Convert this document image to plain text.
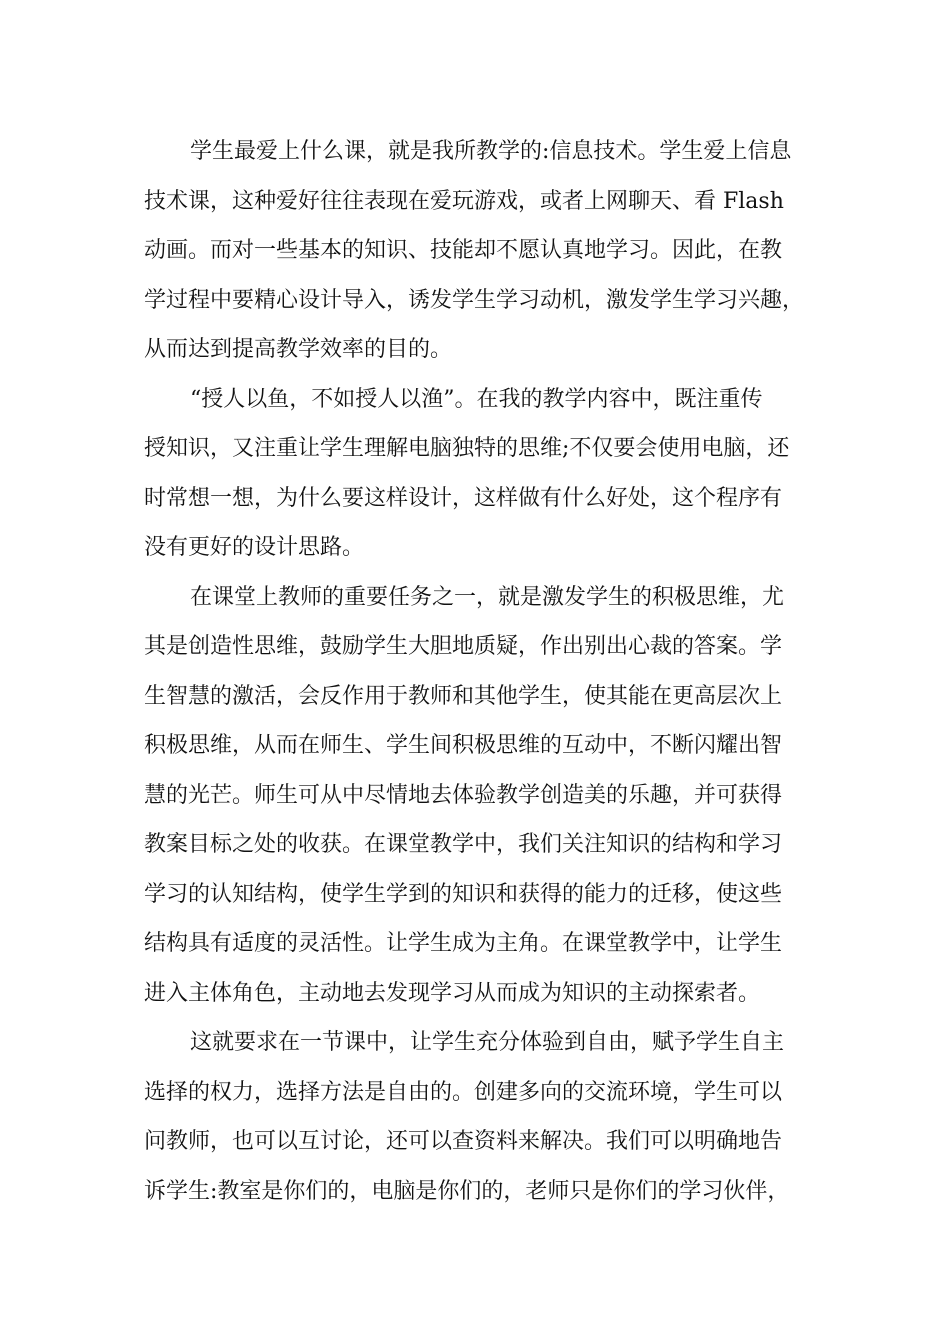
学生最爱上什么课，就是我所教学的:信息技术。学生爱上信息
技术课，这种爱好往往表现在爱玩游戏，或者上网聊天、看 Flash
动画。而对一些基本的知识、技能却不愿认真地学习。因此，在教
学过程中要精心设计导入，诱发学生学习动机，激发学生学习兴趣，
从而达到提高教学效率的目的。

“授人以鱼，不如授人以渔”。在我的教学内容中，既注重传
授知识，又注重让学生理解电脑独特的思维;不仅要会使用电脑，还
时常想一想，为什么要这样设计，这样做有什么好处，这个程序有
没有更好的设计思路。

在课堂上教师的重要任务之一，就是激发学生的积极思维，尤
其是创造性思维，鼓励学生大胆地质疑，作出别出心裁的答案。学
生智慧的激活，会反作用于教师和其他学生，使其能在更高层次上
积极思维，从而在师生、学生间积极思维的互动中，不断闪耀出智
慧的光芒。师生可从中尽情地去体验教学创造美的乐趣，并可获得
教案目标之处的收获。在课堂教学中，我们关注知识的结构和学习
学习的认知结构，使学生学到的知识和获得的能力的迁移，使这些
结构具有适度的灵活性。让学生成为主角。在课堂教学中，让学生
进入主体角色，主动地去发现学习从而成为知识的主动探索者。

这就要求在一节课中，让学生充分体验到自由，赋予学生自主
选择的权力，选择方法是自由的。创建多向的交流环境，学生可以
问教师，也可以互讨论，还可以查资料来解决。我们可以明确地告
诉学生:教室是你们的，电脑是你们的，老师只是你们的学习伙伴，
